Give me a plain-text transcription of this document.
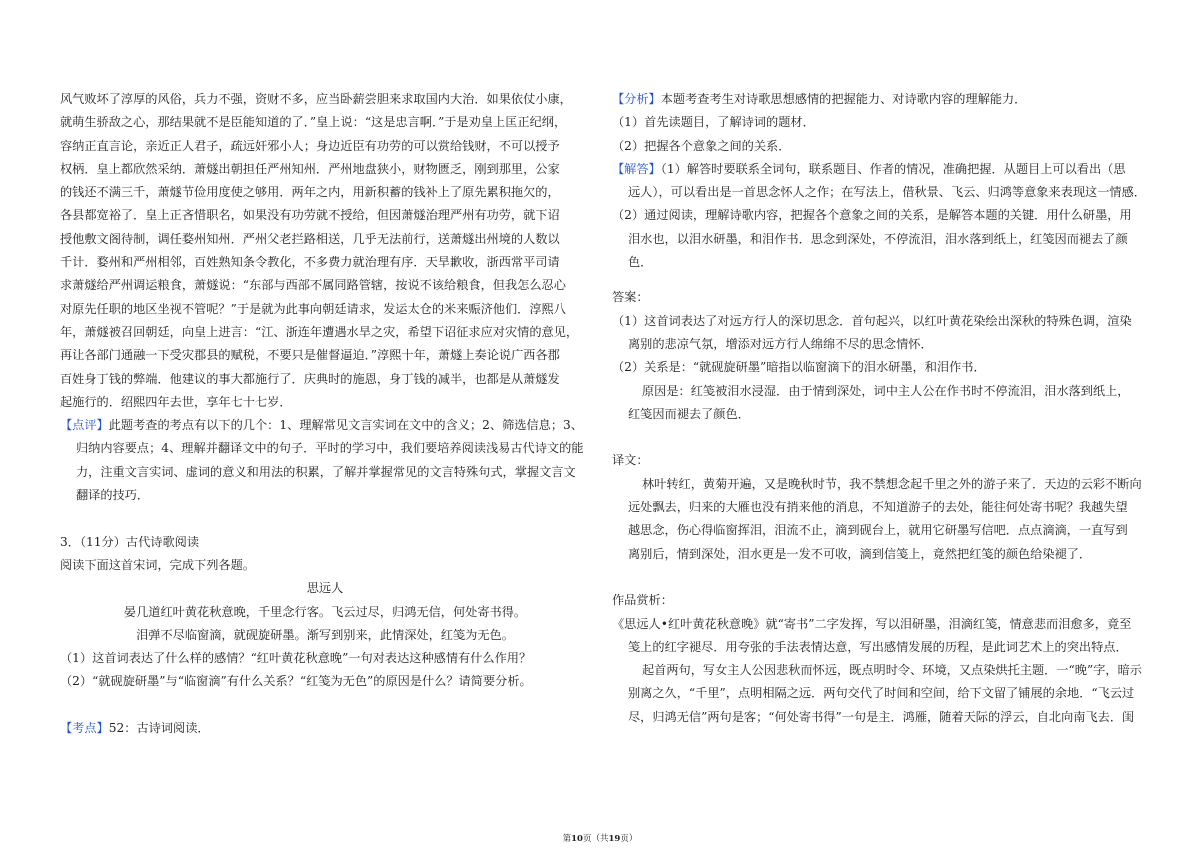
风气败坏了淳厚的风俗，兵力不强，资财不多，应当卧薪尝胆来求取国内大治．如果依仗小康，

就萌生骄敌之心，那结果就不是臣能知道的了．”皇上说：“这是忠言啊．”于是劝皇上匡正纪纲，

容纳正直言论，亲近正人君子，疏远奸邪小人；身边近臣有功劳的可以赏给钱财，不可以授予

权柄．皇上都欣然采纳．萧燧出朝担任严州知州．严州地盘狭小，财物匮乏，刚到那里，公家

的钱还不满三千，萧燧节俭用度使之够用．两年之内，用新积蓄的钱补上了原先累积拖欠的，

各县都宽裕了．皇上正吝惜职名，如果没有功劳就不授给，但因萧燧治理严州有功劳，就下诏

授他敷文阁待制，调任婺州知州．严州父老拦路相送，几乎无法前行，送萧燧出州境的人数以

千计．婺州和严州相邻，百姓熟知条令教化，不多费力就治理有序．天旱歉收，浙西常平司请

求萧燧给严州调运粮食，萧燧说：“东部与西部不属同路管辖，按说不该给粮食，但我怎么忍心

对原先任职的地区坐视不管呢？”于是就为此事向朝廷请求，发运太仓的米来赈济他们．淳熙八

年，萧燧被召回朝廷，向皇上进言：“江、浙连年遭遇水旱之灾，希望下诏征求应对灾情的意见，

再让各部门通融一下受灾郡县的赋税，不要只是催督逼迫．”淳熙十年，萧燧上奏论说广西各郡

百姓身丁钱的弊端．他建议的事大都施行了．庆典时的施恩，身丁钱的减半，也都是从萧燧发

起施行的．绍熙四年去世，享年七十七岁．

【点评】此题考查的考点有以下的几个：1、理解常见文言实词在文中的含义；2、筛选信息；3、

归纳内容要点；4、理解并翻译文中的句子．平时的学习中，我们要培养阅读浅易古代诗文的能

力，注重文言实词、虚词的意义和用法的积累，了解并掌握常见的文言特殊句式，掌握文言文

翻译的技巧．

3．（11分）古代诗歌阅读

阅读下面这首宋词，完成下列各题。

思远人

晏几道红叶黄花秋意晚，千里念行客。飞云过尽，归鸿无信，何处寄书得。

泪弹不尽临窗滴，就砚旋研墨。渐写到别来，此情深处，红笺为无色。

（1）这首词表达了什么样的感情？“红叶黄花秋意晚”一句对表达这种感情有什么作用？

（2）“就砚旋研墨”与“临窗滴”有什么关系？“红笺为无色”的原因是什么？请简要分析。

【考点】52：古诗词阅读．

【分析】本题考查考生对诗歌思想感情的把握能力、对诗歌内容的理解能力．

（1）首先读题目，了解诗词的题材．

（2）把握各个意象之间的关系．

【解答】（1）解答时要联系全词句，联系题目、作者的情况，准确把握．从题目上可以看出（思

远人），可以看出是一首思念怀人之作；在写法上，借秋景、飞云、归鸿等意象来表现这一情感．

（2）通过阅读，理解诗歌内容，把握各个意象之间的关系，是解答本题的关键．用什么研墨，用

泪水也，以泪水研墨，和泪作书．思念到深处，不停流泪，泪水落到纸上，红笺因而褪去了颜

色．

答案：

（1）这首词表达了对远方行人的深切思念．首句起兴，以红叶黄花染绘出深秋的特殊色调，渲染

离别的悲凉气氛，增添对远方行人绵绵不尽的思念情怀．

（2）关系是：“就砚旋研墨”暗指以临窗滴下的泪水研墨，和泪作书．

原因是：红笺被泪水浸湿．由于情到深处，词中主人公在作书时不停流泪，泪水落到纸上，

红笺因而褪去了颜色．

译文：

林叶转红，黄菊开遍，又是晚秋时节，我不禁想念起千里之外的游子来了．天边的云彩不断向

远处飘去，归来的大雁也没有捎来他的消息，不知道游子的去处，能往何处寄书呢？我越失望

越思念，伤心得临窗挥泪，泪流不止，滴到砚台上，就用它研墨写信吧．点点滴滴，一直写到

离别后，情到深处，泪水更是一发不可收，滴到信笺上，竟然把红笺的颜色给染褪了．

作品赏析：

《思远人•红叶黄花秋意晚》就“寄书”二字发挥，写以泪研墨，泪滴红笺，情意悲而泪愈多，竟至

笺上的红字褪尽．用夸张的手法表情达意，写出感情发展的历程，是此词艺术上的突出特点．

起首两句，写女主人公因悲秋而怀远，既点明时令、环境，又点染烘托主题．一“晚”字，暗示

别离之久，“千里”，点明相隔之远．两句交代了时间和空间，给下文留了铺展的余地．“飞云过

尽，归鸿无信”两句是客；“何处寄书得”一句是主．鸿雁，随着天际的浮云，自北向南飞去．闺

第10页（共19页）
